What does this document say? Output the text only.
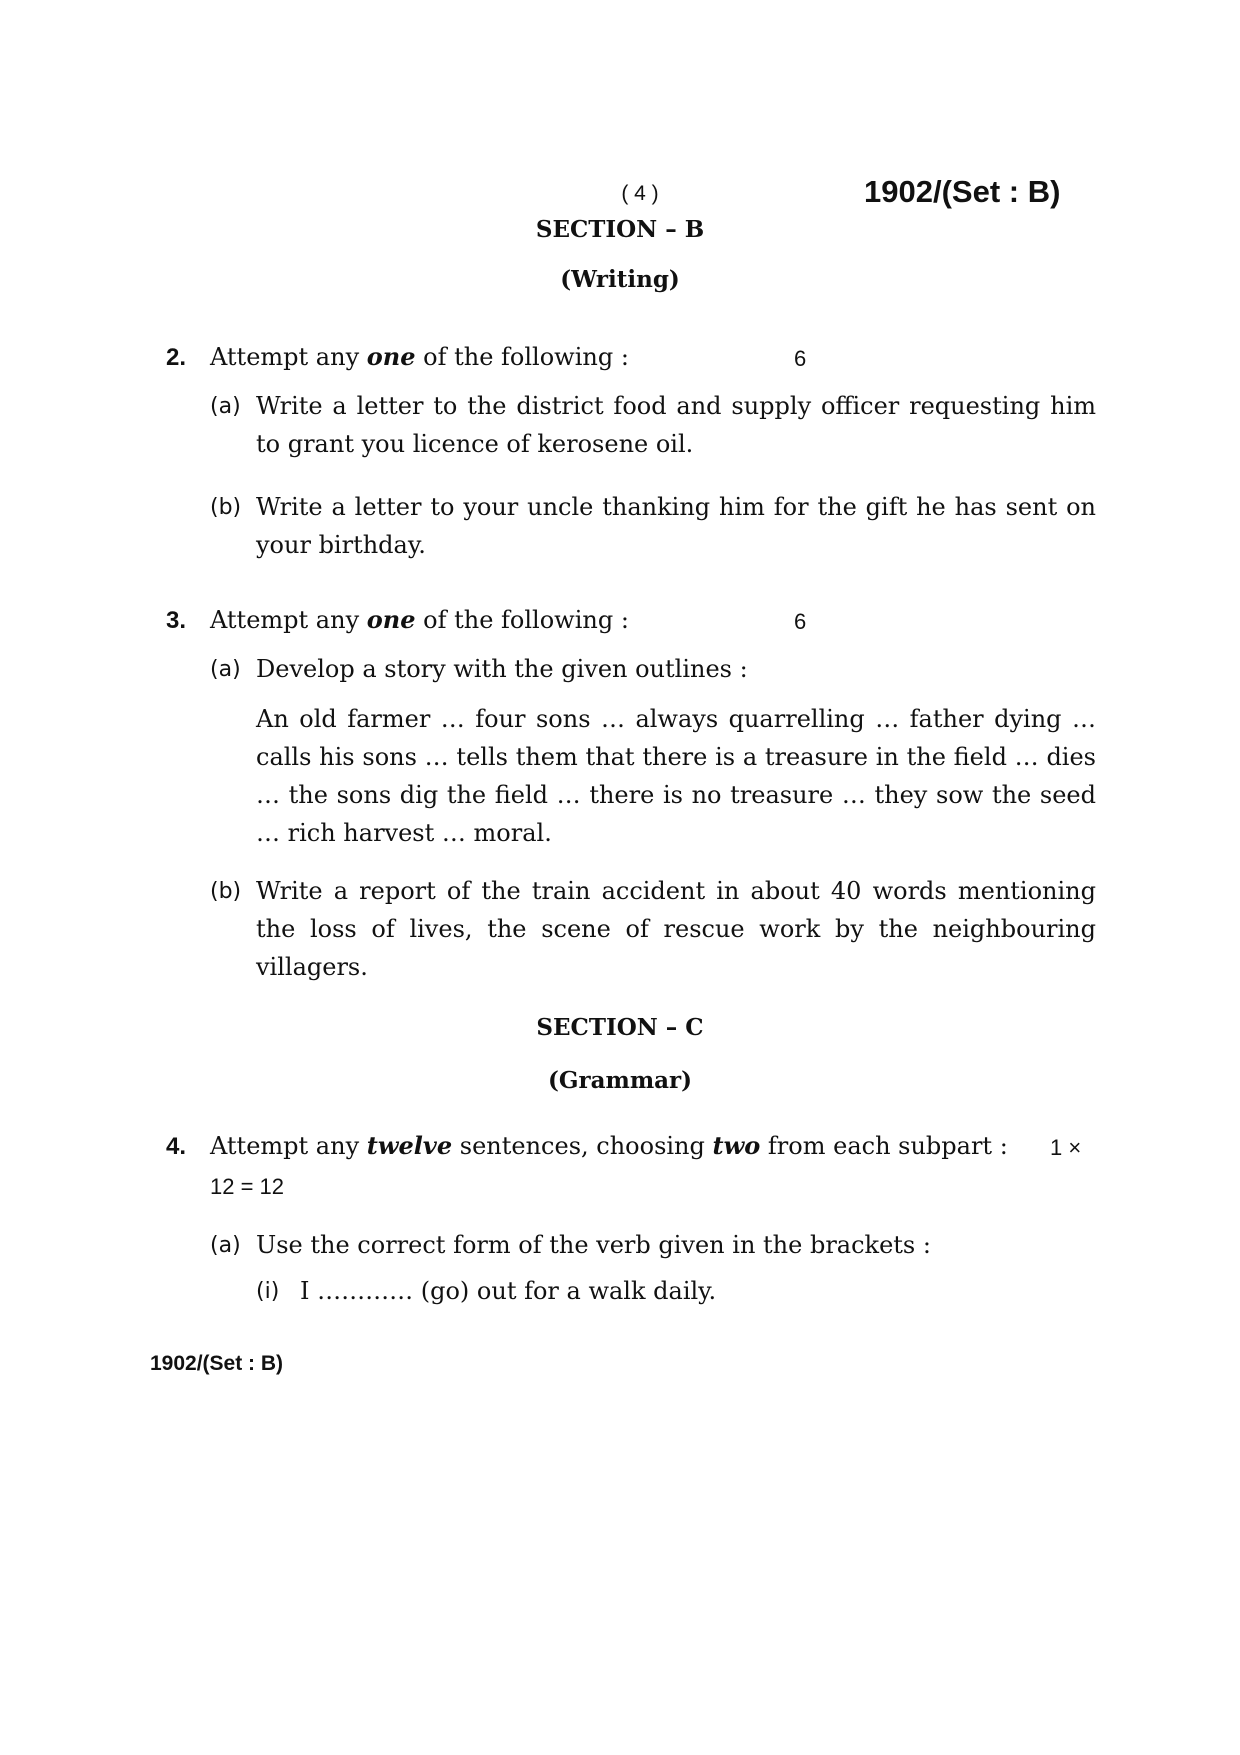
( 4 )	1902/(Set : B)
SECTION – B
(Writing)
2. Attempt any one of the following :	6
(a) Write a letter to the district food and supply officer requesting him to grant you licence of kerosene oil.
(b) Write a letter to your uncle thanking him for the gift he has sent on your birthday.
3. Attempt any one of the following :	6
(a) Develop a story with the given outlines :
An old farmer … four sons … always quarrelling … father dying … calls his sons … tells them that there is a treasure in the field … dies … the sons dig the field … there is no treasure … they sow the seed … rich harvest … moral.
(b) Write a report of the train accident in about 40 words mentioning the loss of lives, the scene of rescue work by the neighbouring villagers.
SECTION – C
(Grammar)
4. Attempt any twelve sentences, choosing two from each subpart : 1 ×
12 = 12
(a) Use the correct form of the verb given in the brackets :
(i) I ………… (go) out for a walk daily.
1902/(Set : B)
